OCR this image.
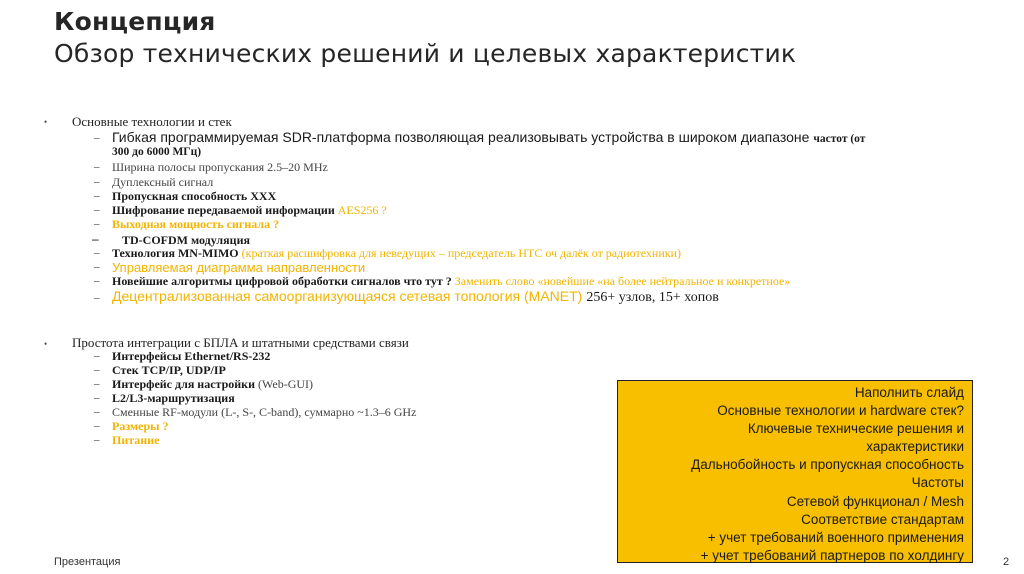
Концепция
Обзор технических решений и целевых характеристик
• Основные технологии и стек
– Гибкая программируемая SDR-платформа позволяющая реализовывать устройства в широком диапазоне частот (от
300 до 6000 МГц)
– Ширина полосы пропускания 2.5–20 MHz
– Дуплексный сигнал
– Пропускная способность ХХХ
– Шифрование передаваемой информации AES256 ?
– Выходная мощность сигнала ?
– TD-COFDM модуляция
– Технология MN-MIMO (краткая расшифровка для неведущих – председатель НТС оч далёк от радиотехники)
– Управляемая диаграмма направленности
– Новейшие алгоритмы цифровой обработки сигналов что тут ? Заменить слово «новейшие «на более нейтральное и конкретное»
– Децентрализованная самоорганизующаяся сетевая топология (MANET) 256+ узлов, 15+ хопов
• Простота интеграции с БПЛА и штатными средствами связи
– Интерфейсы Ethernet/RS-232
– Стек TCP/IP, UDP/IP
– Интерфейс для настройки (Web-GUI)
– L2/L3-маршрутизация
– Сменные RF-модули (L-, S-, C-band), суммарно ~1.3–6 GHz
– Размеры ?
– Питание
Наполнить слайд
Основные технологии и hardware стек?
Ключевые технические решения и
характеристики
Дальнобойность и пропускная способность
Частоты
Сетевой функционал / Mesh
Соответствие стандартам
+ учет требований военного применения
+ учет требований партнеров по холдингу
Презентация	2
